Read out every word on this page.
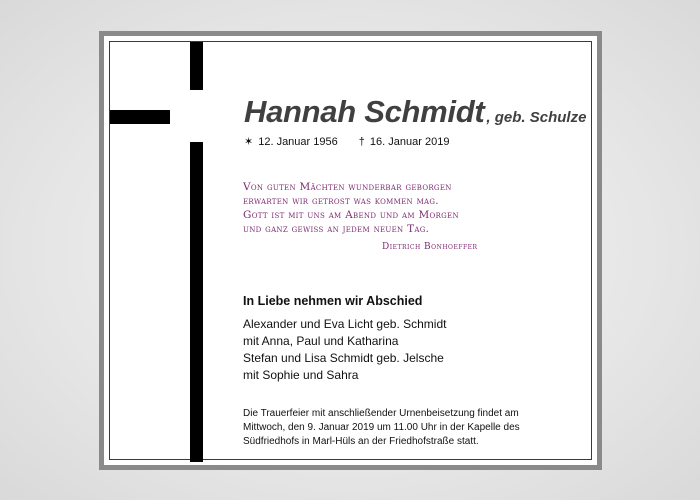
Hannah Schmidt , geb. Schulze
✶ 12. Januar 1956 † 16. Januar 2019
Von guten Mächten wunderbar geborgen
erwarten wir getrost was kommen mag.
Gott ist mit uns am Abend und am Morgen
und ganz gewiss an jedem neuen Tag.
Dietrich Bonhoeffer
In Liebe nehmen wir Abschied
Alexander und Eva Licht geb. Schmidt
mit Anna, Paul und Katharina
Stefan und Lisa Schmidt geb. Jelsche
mit Sophie und Sahra
Die Trauerfeier mit anschließender Urnenbeisetzung findet am
Mittwoch, den 9. Januar 2019 um 11.00 Uhr in der Kapelle des
Südfriedhofs in Marl-Hüls an der Friedhofstraße statt.
